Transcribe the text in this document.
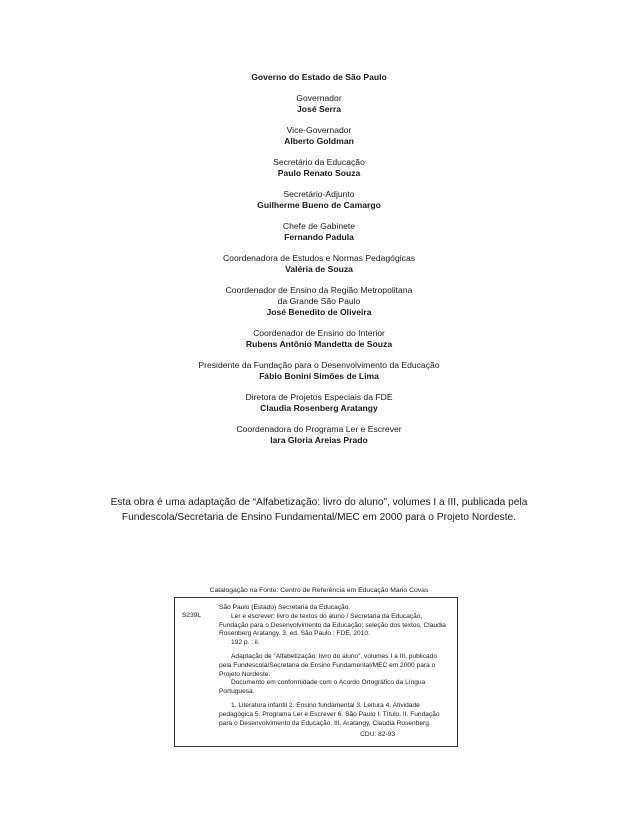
Governo do Estado de São Paulo
Governador
José Serra
Vice-Governador
Alberto Goldman
Secretário da Educação
Paulo Renato Souza
Secretário-Adjunto
Guilherme Bueno de Camargo
Chefe de Gabinete
Fernando Padula
Coordenadora de Estudos e Normas Pedagógicas
Valéria de Souza
Coordenador de Ensino da Região Metropolitana
da Grande São Paulo
José Benedito de Oliveira
Coordenador de Ensino do Interior
Rubens Antônio Mandetta de Souza
Presidente da Fundação para o Desenvolvimento da Educação
Fábio Bonini Simões de Lima
Diretora de Projetos Especiais da FDE
Claudia Rosenberg Aratangy
Coordenadora do Programa Ler e Escrever
Iara Gloria Areias Prado
Esta obra é uma adaptação de “Alfabetização: livro do aluno”, volumes I a III, publicada pela
Fundescola/Secretaria de Ensino Fundamental/MEC em 2000 para o Projeto Nordeste.
Catalogação na Fonte: Centro de Referência em Educação Mario Covas
S239L

São Paulo (Estado) Secretaria da Educação.

Ler e escrever: livro de textos do aluno / Secretaria da Educação, Fundação para o Desenvolvimento da Educação; seleção dos textos, Claudia Rosenberg Aratangy. 3. ed. São Paulo : FDE, 2010.
192 p. : il.

Adaptação de “Alfabetização: livro do aluno”, volumes I a III, publicado pela Fundescola/Secretaria de Ensino Fundamental/MEC em 2000 para o Projeto Nordeste.

Documento em conformidade com o Acordo Ortográfico da Língua Portuguesa.

1. Literatura infantil 2. Ensino fundamental 3. Leitura 4. Atividade pedagógica 5. Programa Ler e Escrever 6. São Paulo I. Título. II. Fundação para o Desenvolvimento da Educação. III. Aratangy, Claudia Rosenberg.

CDU: 82-93
